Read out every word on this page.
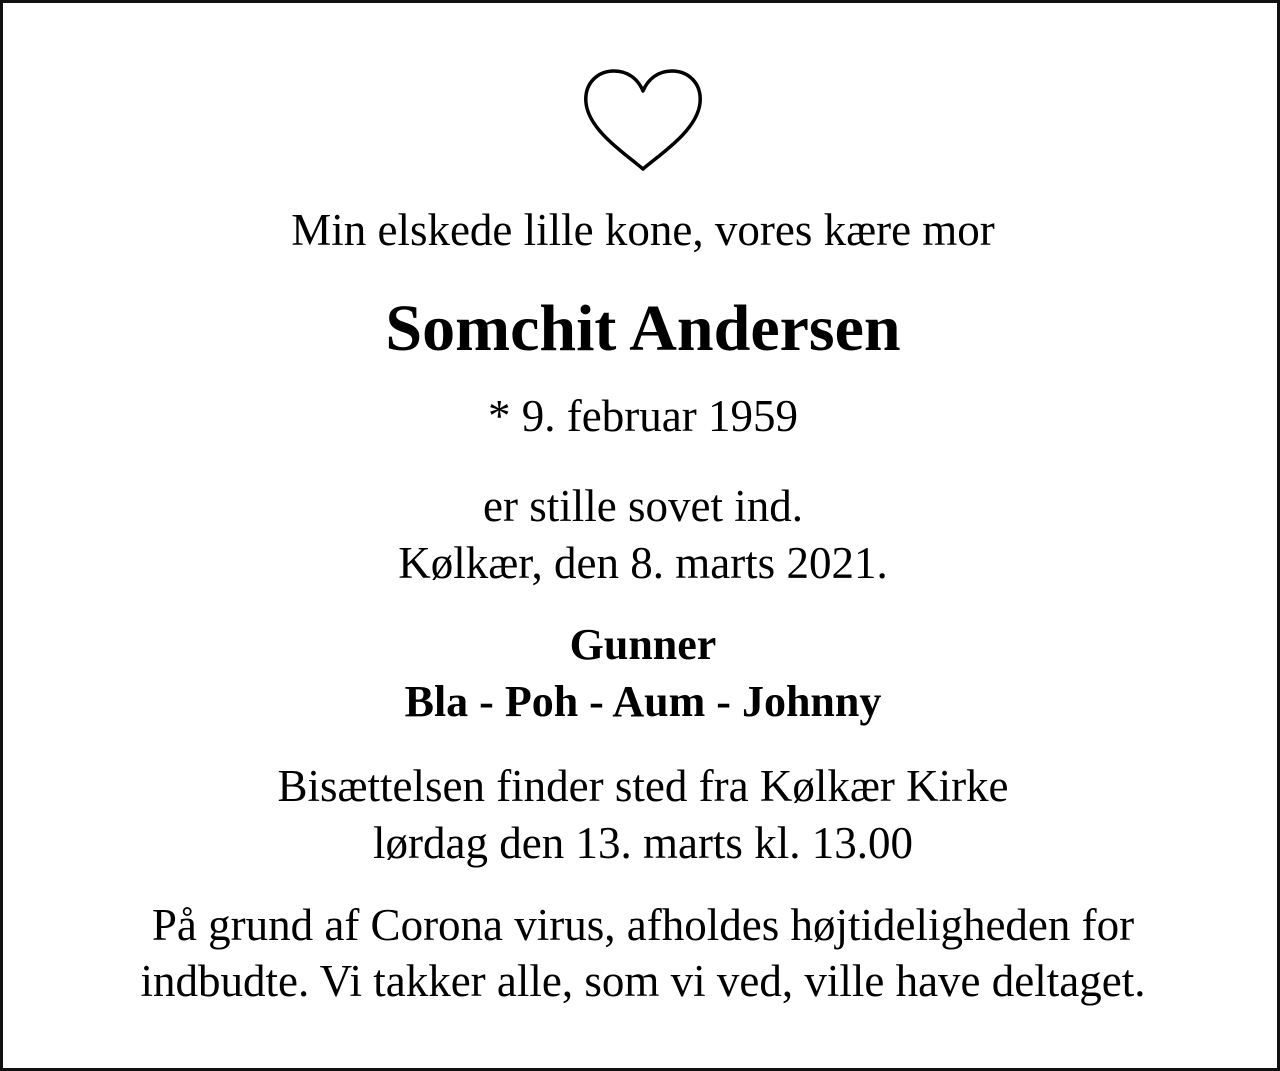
Min elskede lille kone, vores kære mor
Somchit Andersen
* 9. februar 1959
er stille sovet ind.
Kølkær, den 8. marts 2021.
Gunner
Bla - Poh - Aum - Johnny
Bisættelsen finder sted fra Kølkær Kirke
lørdag den 13. marts kl. 13.00
På grund af Corona virus, afholdes højtideligheden for
indbudte. Vi takker alle, som vi ved, ville have deltaget.
